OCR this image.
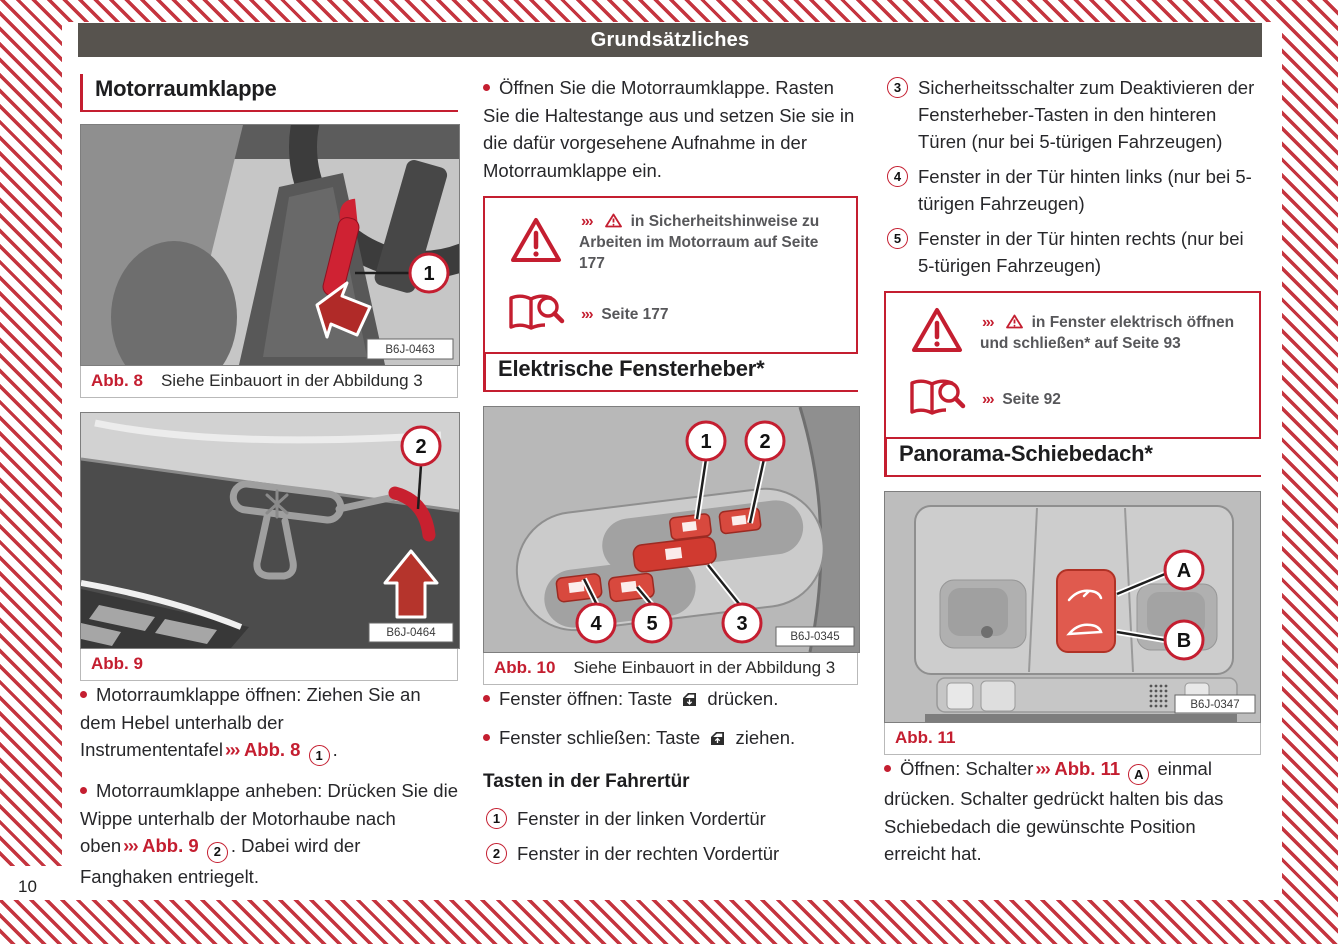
10
Grundsätzliches
Motorraumklappe
1
B6J-0463
Abb. 8 Siehe Einbauort in der Abbildung 3
2
B6J-0464
Abb. 9

Motorraumklappe öffnen: Ziehen Sie an dem Hebel unterhalb der Instrumententafel ››› Abb. 8 1 .

Motorraumklappe anheben: Drücken Sie die Wippe unterhalb der Motorhaube nach oben ››› Abb. 9 2 . Dabei wird der Fanghaken entriegelt.

Öffnen Sie die Motorraumklappe. Rasten Sie die Haltestange aus und setzen Sie sie in die dafür vorgesehene Aufnahme in der Motorraumklappe ein.

››› in Sicherheitshinweise zu Arbeiten im Motorraum auf Seite 177
››› Seite 177
Elektrische Fensterheber*
1 2
4 5	3
B6J-0345
Abb. 10 Siehe Einbauort in der Abbildung 3

Fenster öffnen: Taste drücken.

Fenster schließen: Taste ziehen.

Tasten in der Fahrertür
1 Fenster in der linken Vordertür
2 Fenster in der rechten Vordertür
3 Sicherheitsschalter zum Deaktivieren der Fensterheber-Tasten in den hinteren Türen (nur bei 5-türigen Fahrzeugen)
4 Fenster in der Tür hinten links (nur bei 5-türigen Fahrzeugen)
5 Fenster in der Tür hinten rechts (nur bei 5-türigen Fahrzeugen)
››› in Fenster elektrisch öffnen und schließen* auf Seite 93
››› Seite 92
Panorama-Schiebedach*
A
B
B6J-0347
Abb. 11

Öffnen: Schalter ››› Abb. 11 A einmal drücken. Schalter gedrückt halten bis das Schiebedach die gewünschte Position erreicht hat.
